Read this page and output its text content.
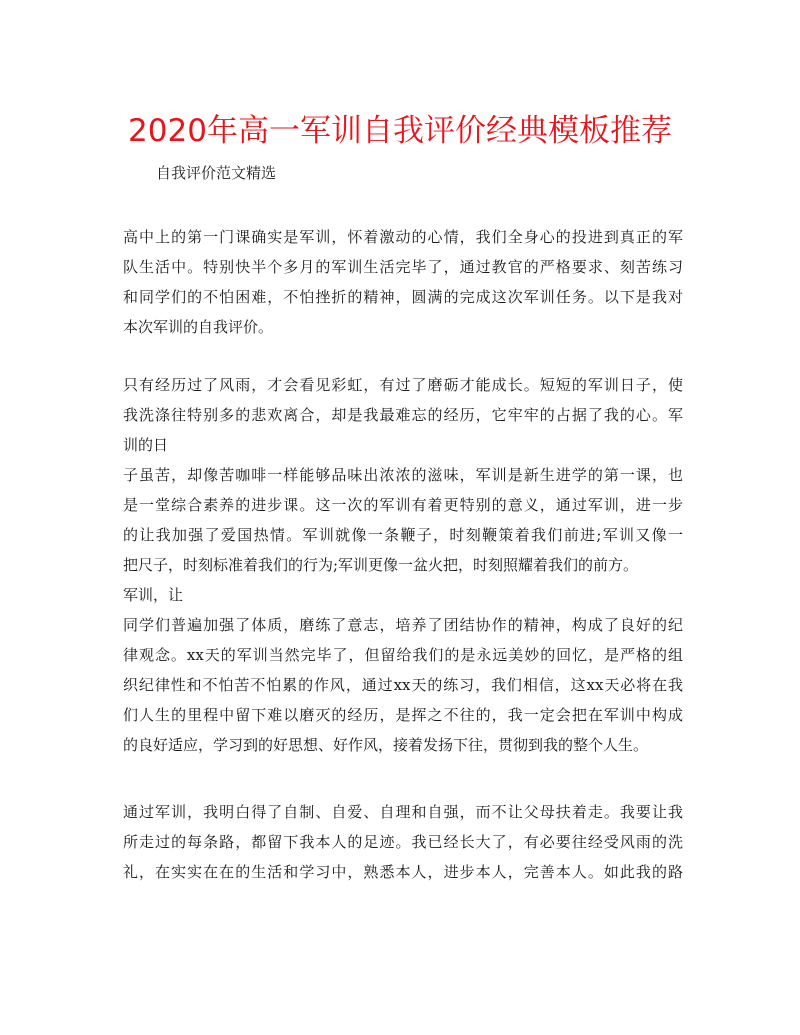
2020年高一军训自我评价经典模板推荐
自我评价范文精选
高中上的第一门课确实是军训，怀着激动的心情，我们全身心的投进到真正的军
队生活中。特别快半个多月的军训生活完毕了，通过教官的严格要求、刻苦练习
和同学们的不怕困难，不怕挫折的精神，圆满的完成这次军训任务。以下是我对
本次军训的自我评价。
只有经历过了风雨，才会看见彩虹，有过了磨砺才能成长。短短的军训日子，使
我洗涤往特别多的悲欢离合，却是我最难忘的经历，它牢牢的占据了我的心。军
训的日
子虽苦，却像苦咖啡一样能够品味出浓浓的滋味，军训是新生进学的第一课，也
是一堂综合素养的进步课。这一次的军训有着更特别的意义，通过军训，进一步
的让我加强了爱国热情。军训就像一条鞭子，时刻鞭策着我们前进;军训又像一
把尺子，时刻标准着我们的行为;军训更像一盆火把，时刻照耀着我们的前方。
军训，让
同学们普遍加强了体质，磨练了意志，培养了团结协作的精神，构成了良好的纪
律观念。xx天的军训当然完毕了，但留给我们的是永远美妙的回忆，是严格的组
织纪律性和不怕苦不怕累的作风，通过xx天的练习，我们相信，这xx天必将在我
们人生的里程中留下难以磨灭的经历，是挥之不往的，我一定会把在军训中构成
的良好适应，学习到的好思想、好作风，接着发扬下往，贯彻到我的整个人生。
通过军训，我明白得了自制、自爱、自理和自强，而不让父母扶着走。我要让我
所走过的每条路，都留下我本人的足迹。我已经长大了，有必要往经受风雨的洗
礼，在实实在在的生活和学习中，熟悉本人，进步本人，完善本人。如此我的路
